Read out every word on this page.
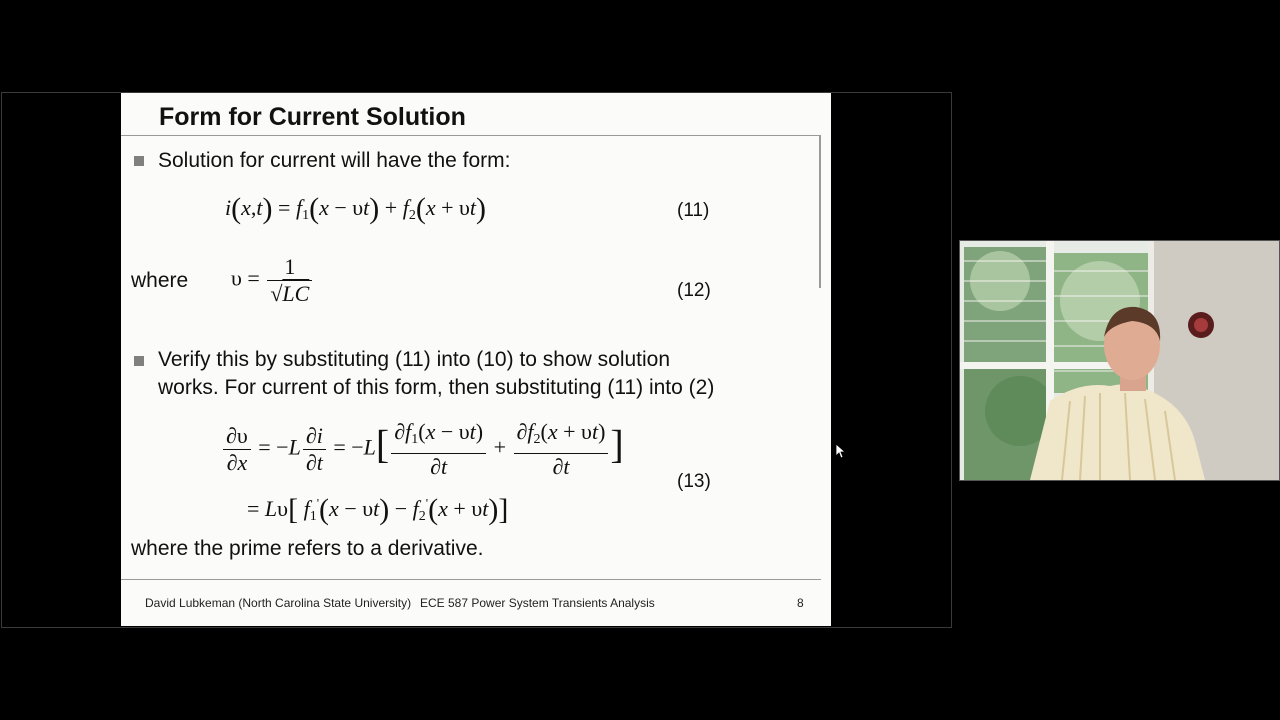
Form for Current Solution
Solution for current will have the form:
$i(x,t) = f_1(x - \upsilon t) + f_2(x + \upsilon t)$	(11)
where $\upsilon = \frac{1}{√LC}$	(12)
Verify this by substituting (11) into (10) to show solution
works. For current of this form, then substituting (11) into (2)
$\frac{\partial\upsilon}{\partial x} = -L \frac{\partial i}{\partial t} = -L[ \frac{\partial f_1(x - \upsilon t)}{\partial t} + \frac{\partial f_2(x + \upsilon t)}{\partial t}$ ]
= Lυ[ $f_1'(x - \upsilon t) - f_2'(x + \upsilon t)$]
(13)
where the prime refers to a derivative.
David Lubkeman (North Carolina State University) ECE 587 Power System Transients Analysis	8
